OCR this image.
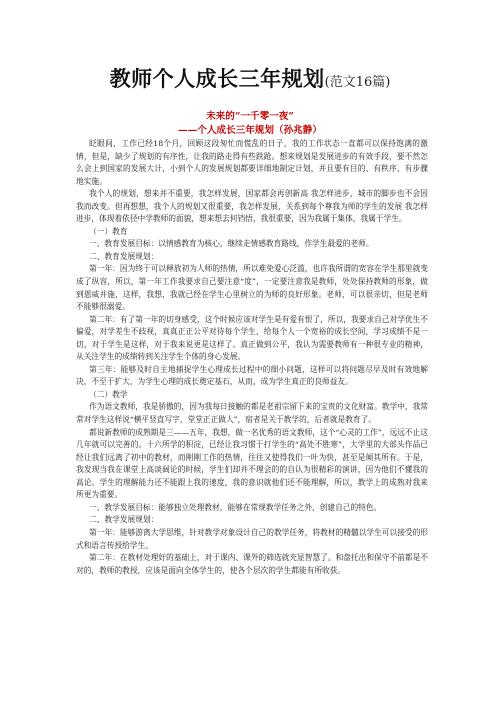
教师个人成长三年规划(范文16篇)
未来的“一千零一夜”
——个人成长三年规划（孙兆静）

眨眼间，工作已经18个月，回顾这段匆忙而慌乱的日子，我的工作状态一直都可以保持饱满的激情，但是，缺少了规划的有序性，让我的路走得有些跌跄。想来规划是发展进步的有效手段，要不然怎么会上到国家的发展大计，小到个人的发展规划都要详细地制定计划，并且要有目的、有秩序、有步骤地实施。

我个人的规划，想来并不重要，我怎样发展，国家都会再创新高 我怎样进步，城市的脚步也不会因我而改变。但再想想，我个人的规划又很重要，我怎样发展，关系到每个尊我为师的学生的发展 我怎样进步，体现着依径中学教师的面貌，想来想去何铛悟，我很重要，因为我属于集体，我属于学生。

（一）教育

一、教育发展目标：以情感教育为核心，继续走情感教育路线，作学生最爱的老师。

二、教育发展规划：

第一年：因为终于可以释放初为人师的热情，所以难免爱心泛滥，也许我所谓的宽容在学生那里就变成了纵容，所以，第一年工作我要求自己要注意“度”，一定要注意我是教师，处处保持教师的形象，做到恩威并施，这样，我想，我就已经在学生心里树立的为师的良好形象。老师，可以很亲切，但是老师不能够很溺爱。

第二年：有了第一年的切身感受，这个时候应该对学生是有爱有恨了，所以，我要求自己对学优生不偏爱，对学差生不歧视，真真正正公平对待每个学生，给每个人一个宽裕的成长空间，学习成绩不是一切，对于学生是这样，对于我来说更是这样了。真正做到公平，我认为需要教师有一种很专业的精神，从关注学生的成绩转到关注学生个体的身心发展。

第三年：能够及时自主地捕捉学生心理成长过程中的细小问题，这样可以将问题尽早及时有效地解决，不至于扩大，为学生心理的成长奠定基石，从而，成为学生真正的良师益友。

（二）教学

作为语文教师，我是骄傲的，因为我每日接触的都是老祖宗留下来的宝贵的文化财富。教学中，我常常对学生这样说“横平竖直写字，堂堂正正做人”，宿者是关于教学的，后者就是教育了。

都说新教师的成熟期是三——五年，我想，做一名优秀的语文教师，这个“心灵的工作”，远远不止这几年就可以完善的。十六所学的积淀，已经让我习惯于打学生的“高处不胜寒”，大学里的大部头作品已经让我们远离了初中的教材，而刚刚工作的热情，往往又使得我们一叶为快，甚至是倾其所有。于是，我发现当我在课堂上高谈阔论的时候，学生们却并不理会的的自认为很精彩的演讲，因为他们不懂我的高论。学生的理解能力还不能跟上我的速度，我的意识就他们还不能理解，所以，教学上的成熟对我来所更为重要。

一、教学发展目标：能够独立处理教材，能够在常规教学任务之外，创建自己的特色。

二、教学发展规划：

第一年：能够游离大学思维，针对教学对象设计自己的教学任务，将教材的精髓以学生可以接受的形式和语言传授给学生。

第二年：在教材处理好的基础上，对于课内、课外的筛选就充显智慧了。和盘托出和保守不前都是不对的，教师的教授，应该是面向全体学生的，使各个层次的学生都能有所收获。
